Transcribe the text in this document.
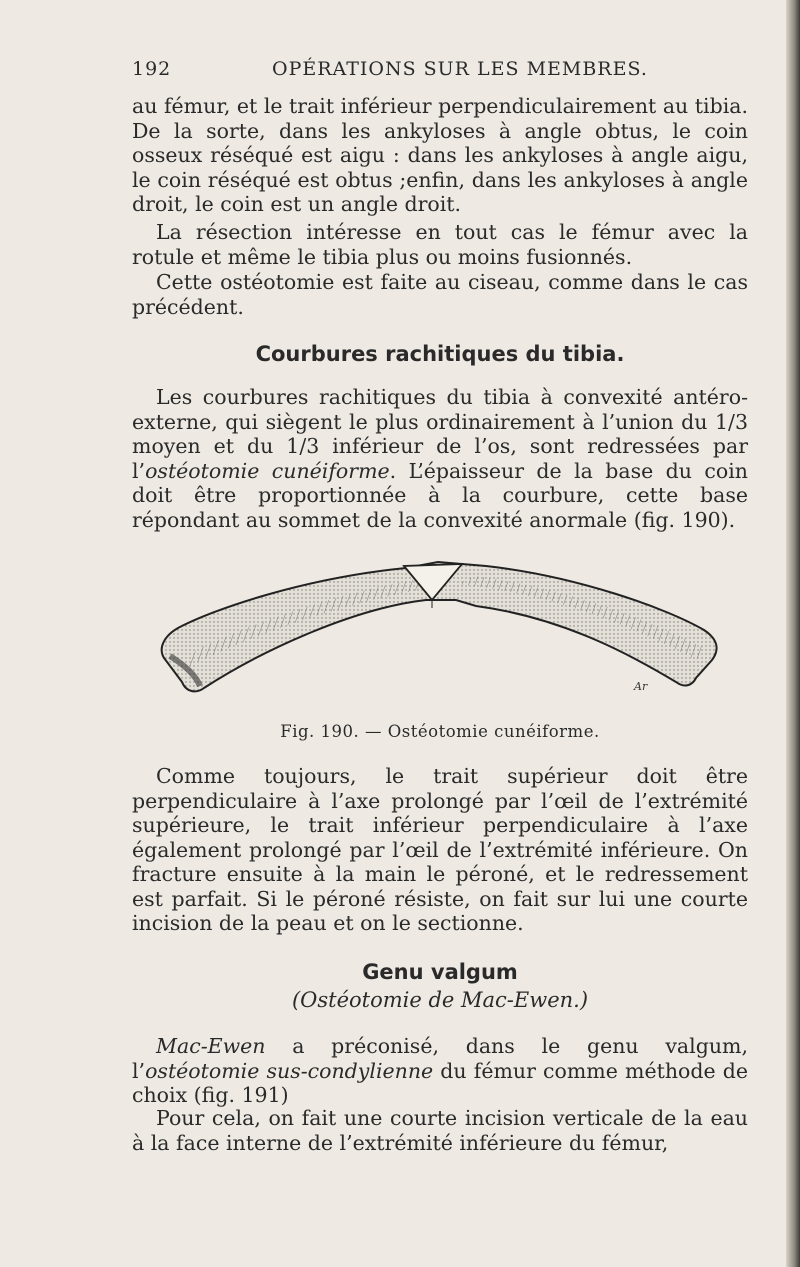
192	OPÉRATIONS SUR LES MEMBRES.

au fémur, et le trait inférieur perpendiculairement au tibia. De la sorte, dans les ankyloses à angle obtus, le coin osseux réséqué est aigu : dans les ankyloses à angle aigu, le coin réséqué est obtus ;enfin, dans les ankyloses à angle droit, le coin est un angle droit.

La résection intéresse en tout cas le fémur avec la rotule et même le tibia plus ou moins fusionnés.

Cette ostéotomie est faite au ciseau, comme dans le cas précédent.

Courbures rachitiques du tibia.

Les courbures rachitiques du tibia à convexité antéro-externe, qui siègent le plus ordinairement à l’union du 1/3 moyen et du 1/3 inférieur de l’os, sont redressées par l’ostéotomie cunéiforme. L’épaisseur de la base du coin doit être proportionnée à la courbure, cette base répondant au sommet de la convexité anormale (fig. 190).

Ar
Fig. 190. — Ostéotomie cunéiforme.

Comme toujours, le trait supérieur doit être perpendiculaire à l’axe prolongé par l’œil de l’extrémité supérieure, le trait inférieur perpendiculaire à l’axe également prolongé par l’œil de l’extrémité inférieure. On fracture ensuite à la main le péroné, et le redressement est parfait. Si le péroné résiste, on fait sur lui une courte incision de la peau et on le sectionne.

Genu valgum
(Ostéotomie de Mac-Ewen.)

Mac-Ewen a préconisé, dans le genu valgum, l’ostéotomie sus-condylienne du fémur comme méthode de choix (fig. 191)

Pour cela, on fait une courte incision verticale de la eau à la face interne de l’extrémité inférieure du fémur,
